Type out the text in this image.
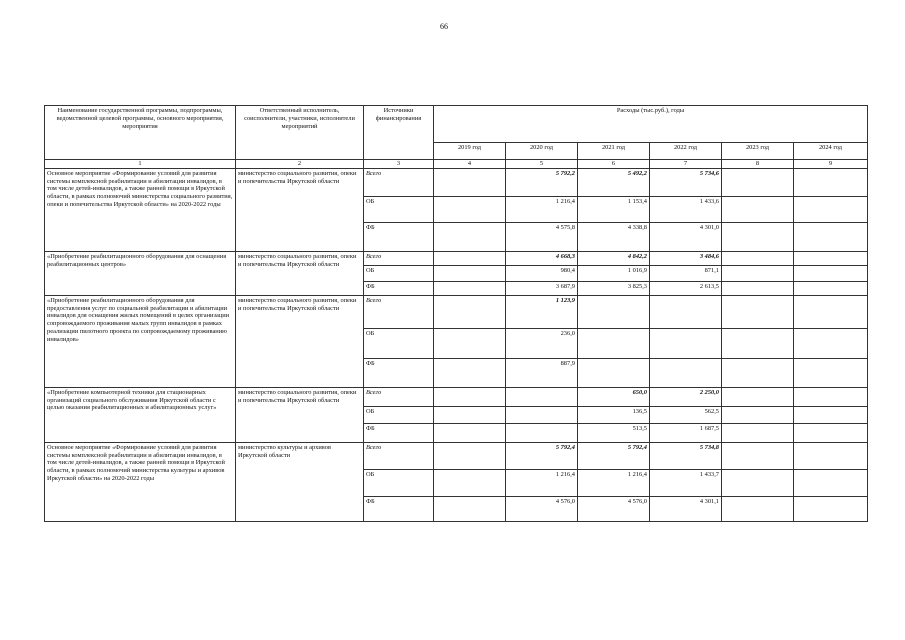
66
Наименование государственной программы, подпрограммы, ведомственной целевой программы, основного мероприятия, мероприятия	Ответственный исполнитель, соисполнители, участники, исполнители мероприятий	Источники финансирования	Расходы (тыс.руб.), годы					
			2019 год	2020 год	2021 год	2022 год	2023 год	2024 год
1	2	3	4	5	6	7	8	9
Основное мероприятие «Формирование условий для развития системы комплексной реабилитации и абилитации инвалидов, в том числе детей-инвалидов, а также ранней помощи в Иркутской области, в рамках полномочий министерства социального развития, опеки и попечительства Иркутской области» на 2020-2022 годы	министерство социального развития, опеки и попечительства Иркутской области	Всего		5 792,2	5 492,2	5 734,6		
		ОБ		1 216,4	1 153,4	1 433,6		
		ФБ		4 575,8	4 338,8	4 301,0		
«Приобретение реабилитационного оборудования для оснащения реабилитационных центров»	министерство социального развития, опеки и попечительства Иркутской области	Всего		4 668,3	4 842,2	3 484,6		
		ОБ		980,4	1 016,9	871,1		
		ФБ		3 687,9	3 825,3	2 613,5		
«Приобретение реабилитационного оборудования для предоставления услуг по социальной реабилитации и абилитации инвалидов для оснащения жилых помещений в целях организации сопровождаемого проживания малых групп инвалидов в рамках реализации пилотного проекта по сопровождаемому проживанию инвалидов»	министерство социального развития, опеки и попечительства Иркутской области	Всего		1 123,9				
		ОБ		236,0				
		ФБ		887,9				
«Приобретение компьютерной техники для стационарных организаций социального обслуживания Иркутской области с целью оказания реабилитационных и абилитационных услуг»	министерство социального развития, опеки и попечительства Иркутской области	Всего			650,0	2 250,0		
		ОБ			136,5	562,5		
		ФБ			513,5	1 687,5		
Основное мероприятие «Формирование условий для развития системы комплексной реабилитации и абилитации инвалидов, в том числе детей-инвалидов, а также ранней помощи в Иркутской области, в рамках полномочий министерства культуры и архивов Иркутской области» на 2020-2022 годы	министерство культуры и архивов Иркутской области	Всего		5 792,4	5 792,4	5 734,8		
		ОБ		1 216,4	1 216,4	1 433,7		
		ФБ		4 576,0	4 576,0	4 301,1		
